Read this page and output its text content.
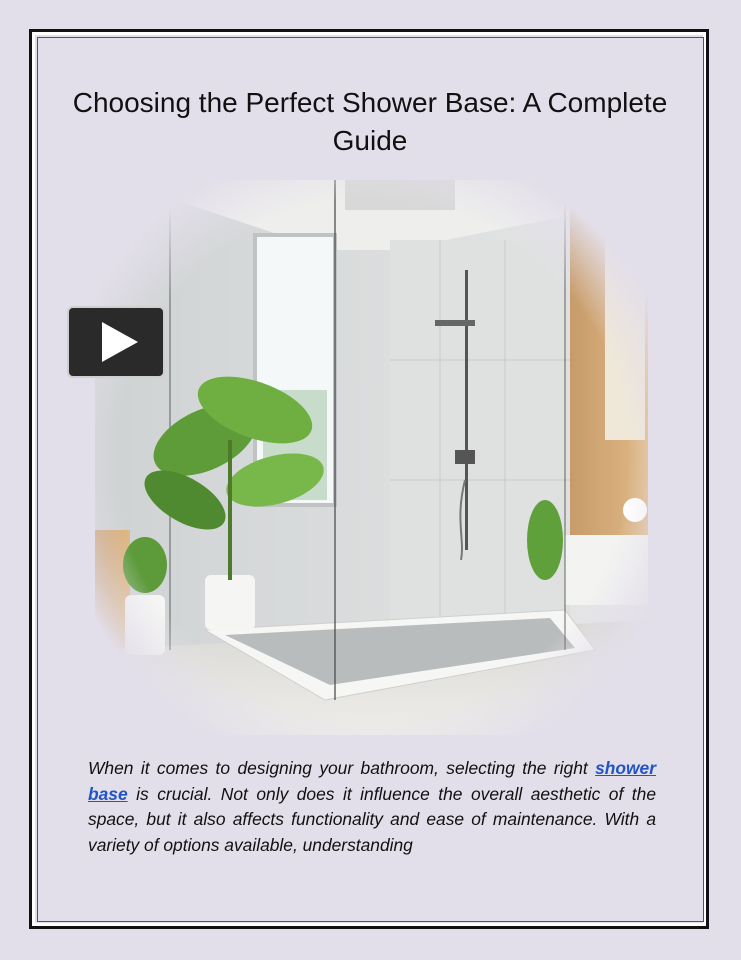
Choosing the Perfect Shower Base: A Complete Guide

When it comes to designing your bathroom, selecting the right shower base is crucial. Not only does it influence the overall aesthetic of the space, but it also affects functionality and ease of maintenance. With a variety of options available, understanding
